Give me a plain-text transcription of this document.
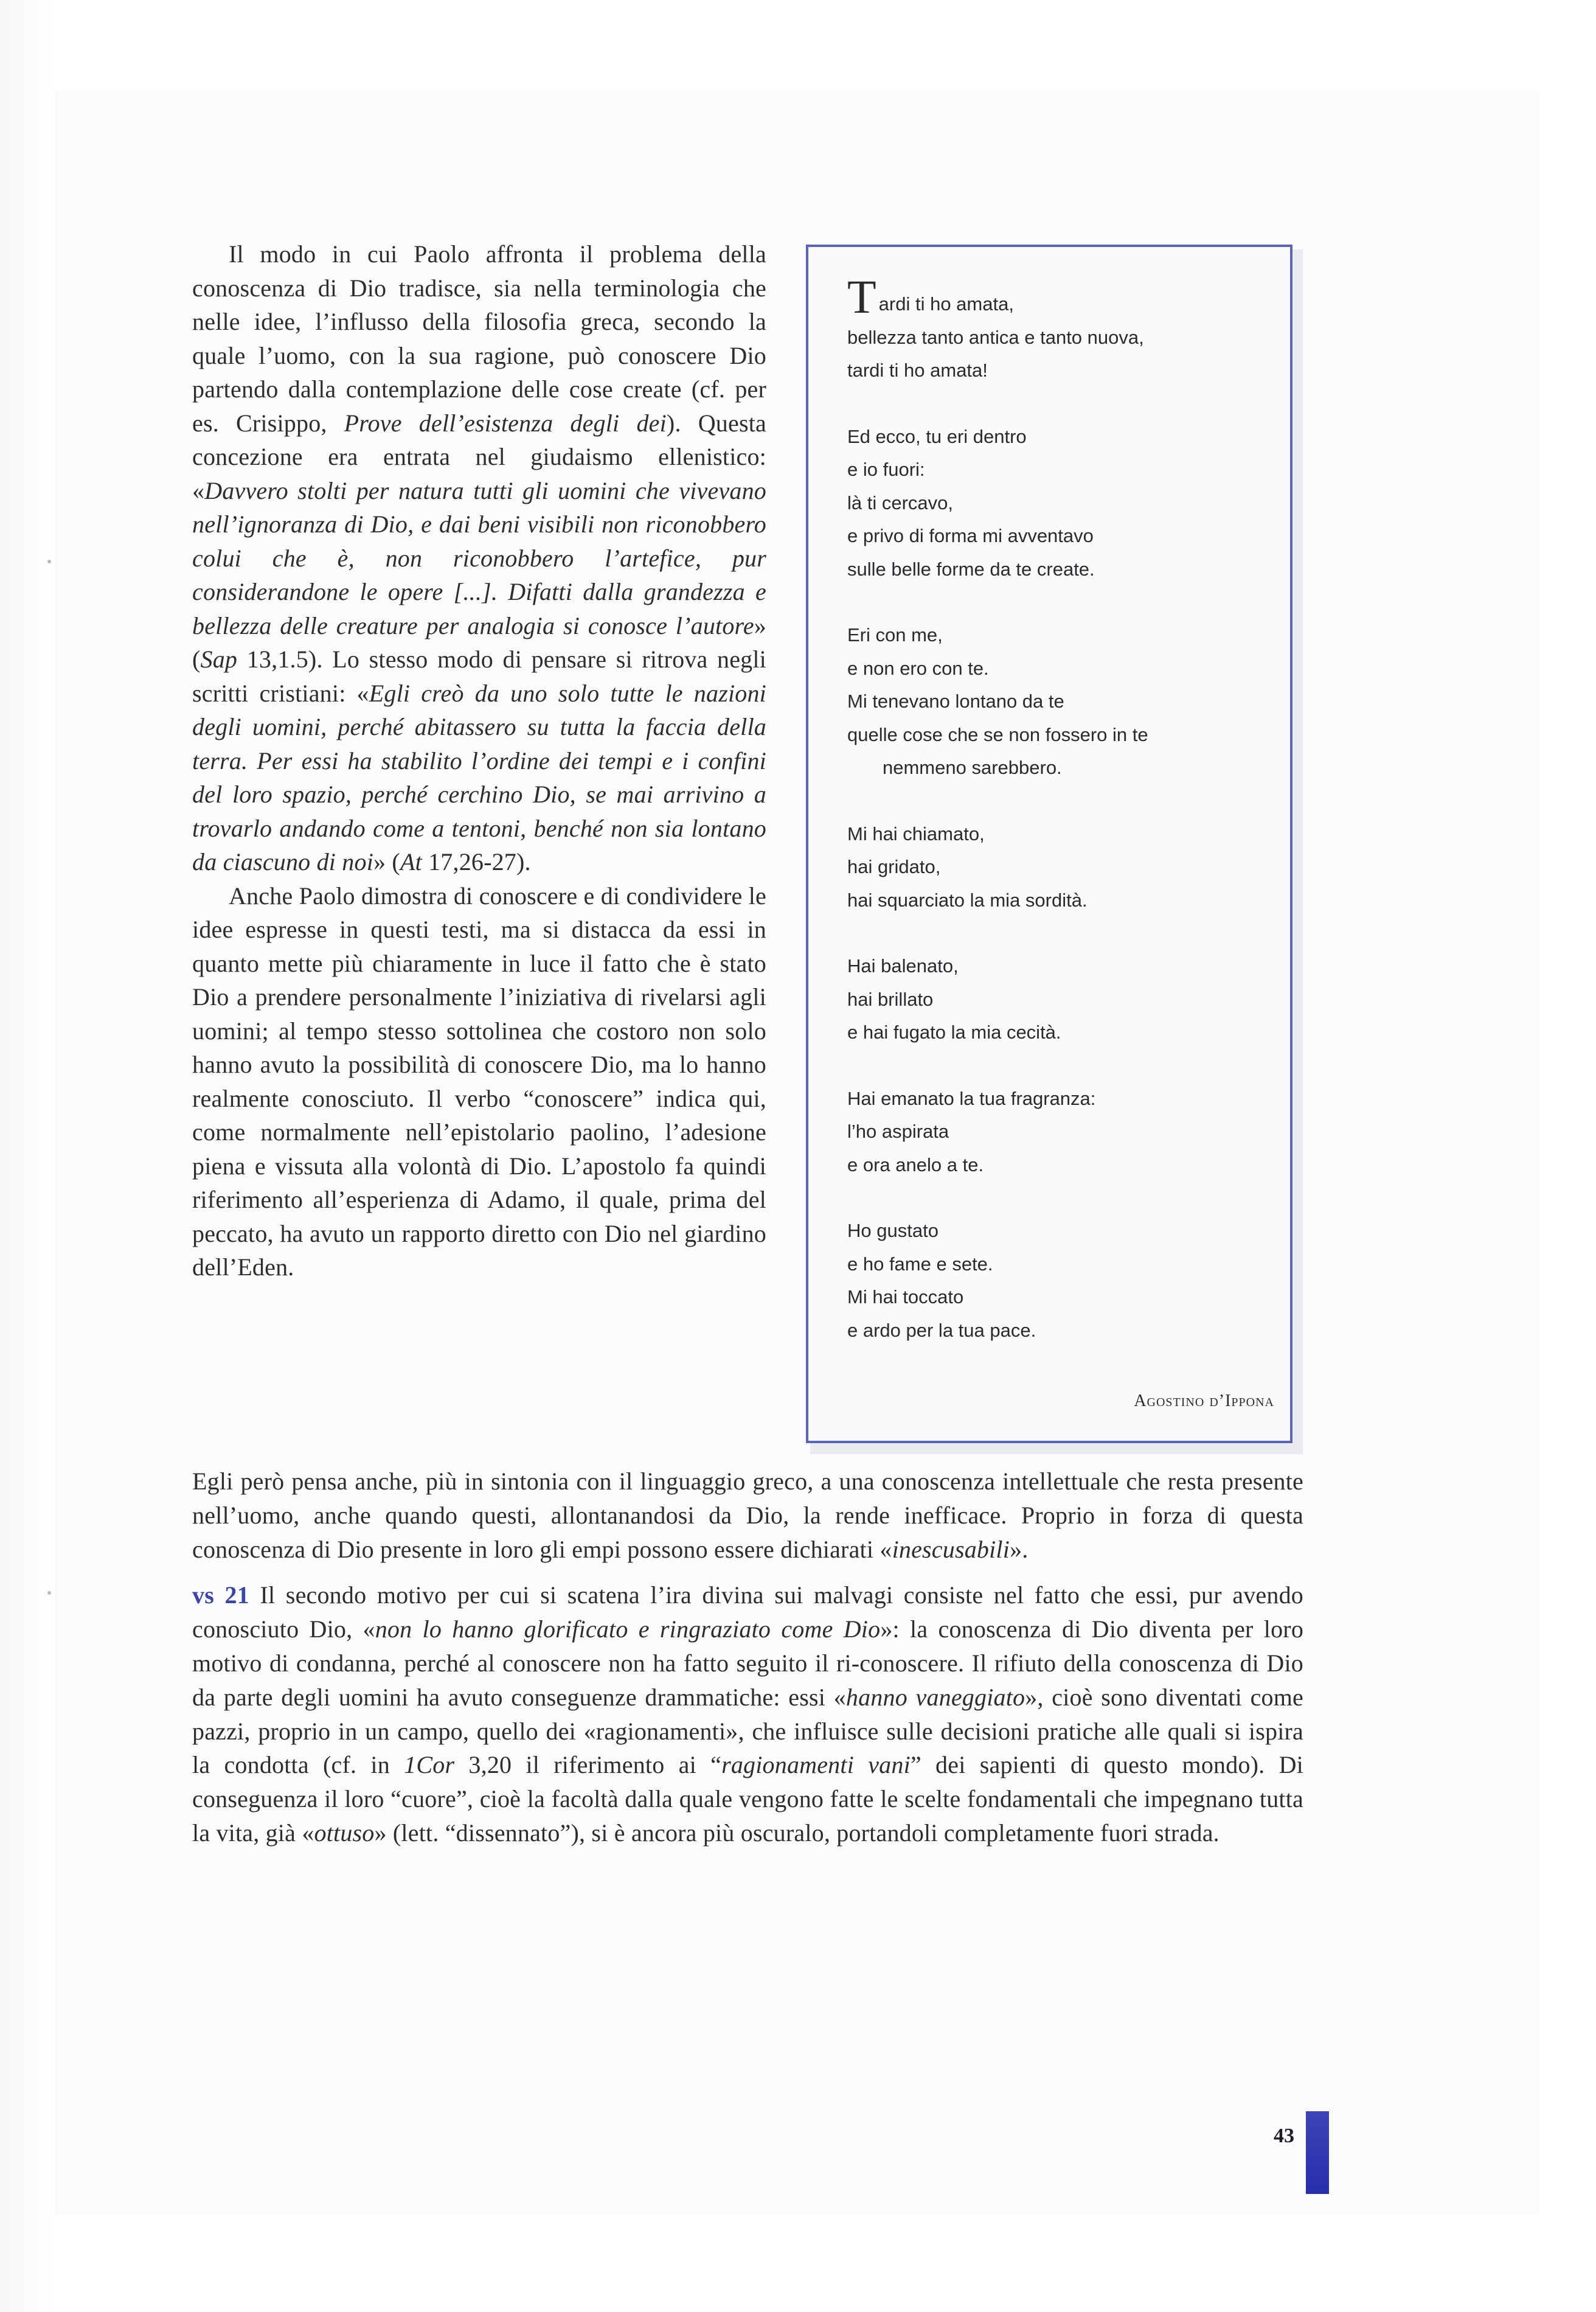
Il modo in cui Paolo affronta il problema della conoscenza di Dio tradisce, sia nella terminologia che nelle idee, l’influsso della filosofia greca, secondo la quale l’uomo, con la sua ragione, può conoscere Dio partendo dalla contemplazione delle cose create (cf. per es. Crisippo, Prove dell’esistenza degli dei). Questa concezione era entrata nel giudaismo ellenistico: «Davvero stolti per natura tutti gli uomini che vivevano nell’ignoranza di Dio, e dai beni visibili non riconobbero colui che è, non riconobbero l’artefice, pur considerandone le opere [...]. Difatti dalla grandezza e bellezza delle creature per analogia si conosce l’autore» (Sap 13,1.5). Lo stesso modo di pensare si ritrova negli scritti cristiani: «Egli creò da uno solo tutte le nazioni degli uomini, perché abitassero su tutta la faccia della terra. Per essi ha stabilito l’ordine dei tempi e i confini del loro spazio, perché cerchino Dio, se mai arrivino a trovarlo andando come a tentoni, benché non sia lontano da ciascuno di noi» (At 17,26-27).

Anche Paolo dimostra di conoscere e di condividere le idee espresse in questi testi, ma si distacca da essi in quanto mette più chiaramente in luce il fatto che è stato Dio a prendere personalmente l’iniziativa di rivelarsi agli uomini; al tempo stesso sottolinea che costoro non solo hanno avuto la possibilità di conoscere Dio, ma lo hanno realmente conosciuto. Il verbo “conoscere” indica qui, come normalmente nell’epistolario paolino, l’adesione piena e vissuta alla volontà di Dio. L’apostolo fa quindi riferimento all’esperienza di Adamo, il quale, prima del peccato, ha avuto un rapporto diretto con Dio nel giardino dell’Eden.

Egli però pensa anche, più in sintonia con il linguaggio greco, a una conoscenza intellettuale che resta presente nell’uomo, anche quando questi, allontanandosi da Dio, la rende inefficace. Proprio in forza di questa conoscenza di Dio presente in loro gli empi possono essere dichiarati «inescusabili».

vs 21 Il secondo motivo per cui si scatena l’ira divina sui malvagi consiste nel fatto che essi, pur avendo conosciuto Dio, «non lo hanno glorificato e ringraziato come Dio»: la conoscenza di Dio diventa per loro motivo di condanna, perché al conoscere non ha fatto seguito il ri-conoscere. Il rifiuto della conoscenza di Dio da parte degli uomini ha avuto conseguenze drammatiche: essi «hanno vaneggiato», cioè sono diventati come pazzi, proprio in un campo, quello dei «ragionamenti», che influisce sulle decisioni pratiche alle quali si ispira la condotta (cf. in 1Cor 3,20 il riferimento ai “ragionamenti vani” dei sapienti di questo mondo). Di conseguenza il loro “cuore”, cioè la facoltà dalla quale vengono fatte le scelte fondamentali che impegnano tutta la vita, già «ottuso» (lett. “dissennato”), si è ancora più oscuralo, portandoli completamente fuori strada.

Tardi ti ho amata,
bellezza tanto antica e tanto nuova,
tardi ti ho amata!
Ed ecco, tu eri dentro
e io fuori:
là ti cercavo,
e privo di forma mi avventavo
sulle belle forme da te create.
Eri con me,
e non ero con te.
Mi tenevano lontano da te
quelle cose che se non fossero in te
nemmeno sarebbero.
Mi hai chiamato,
hai gridato,
hai squarciato la mia sordità.
Hai balenato,
hai brillato
e hai fugato la mia cecità.
Hai emanato la tua fragranza:
l’ho aspirata
e ora anelo a te.
Ho gustato
e ho fame e sete.
Mi hai toccato
e ardo per la tua pace.
Agostino d’Ippona
43
